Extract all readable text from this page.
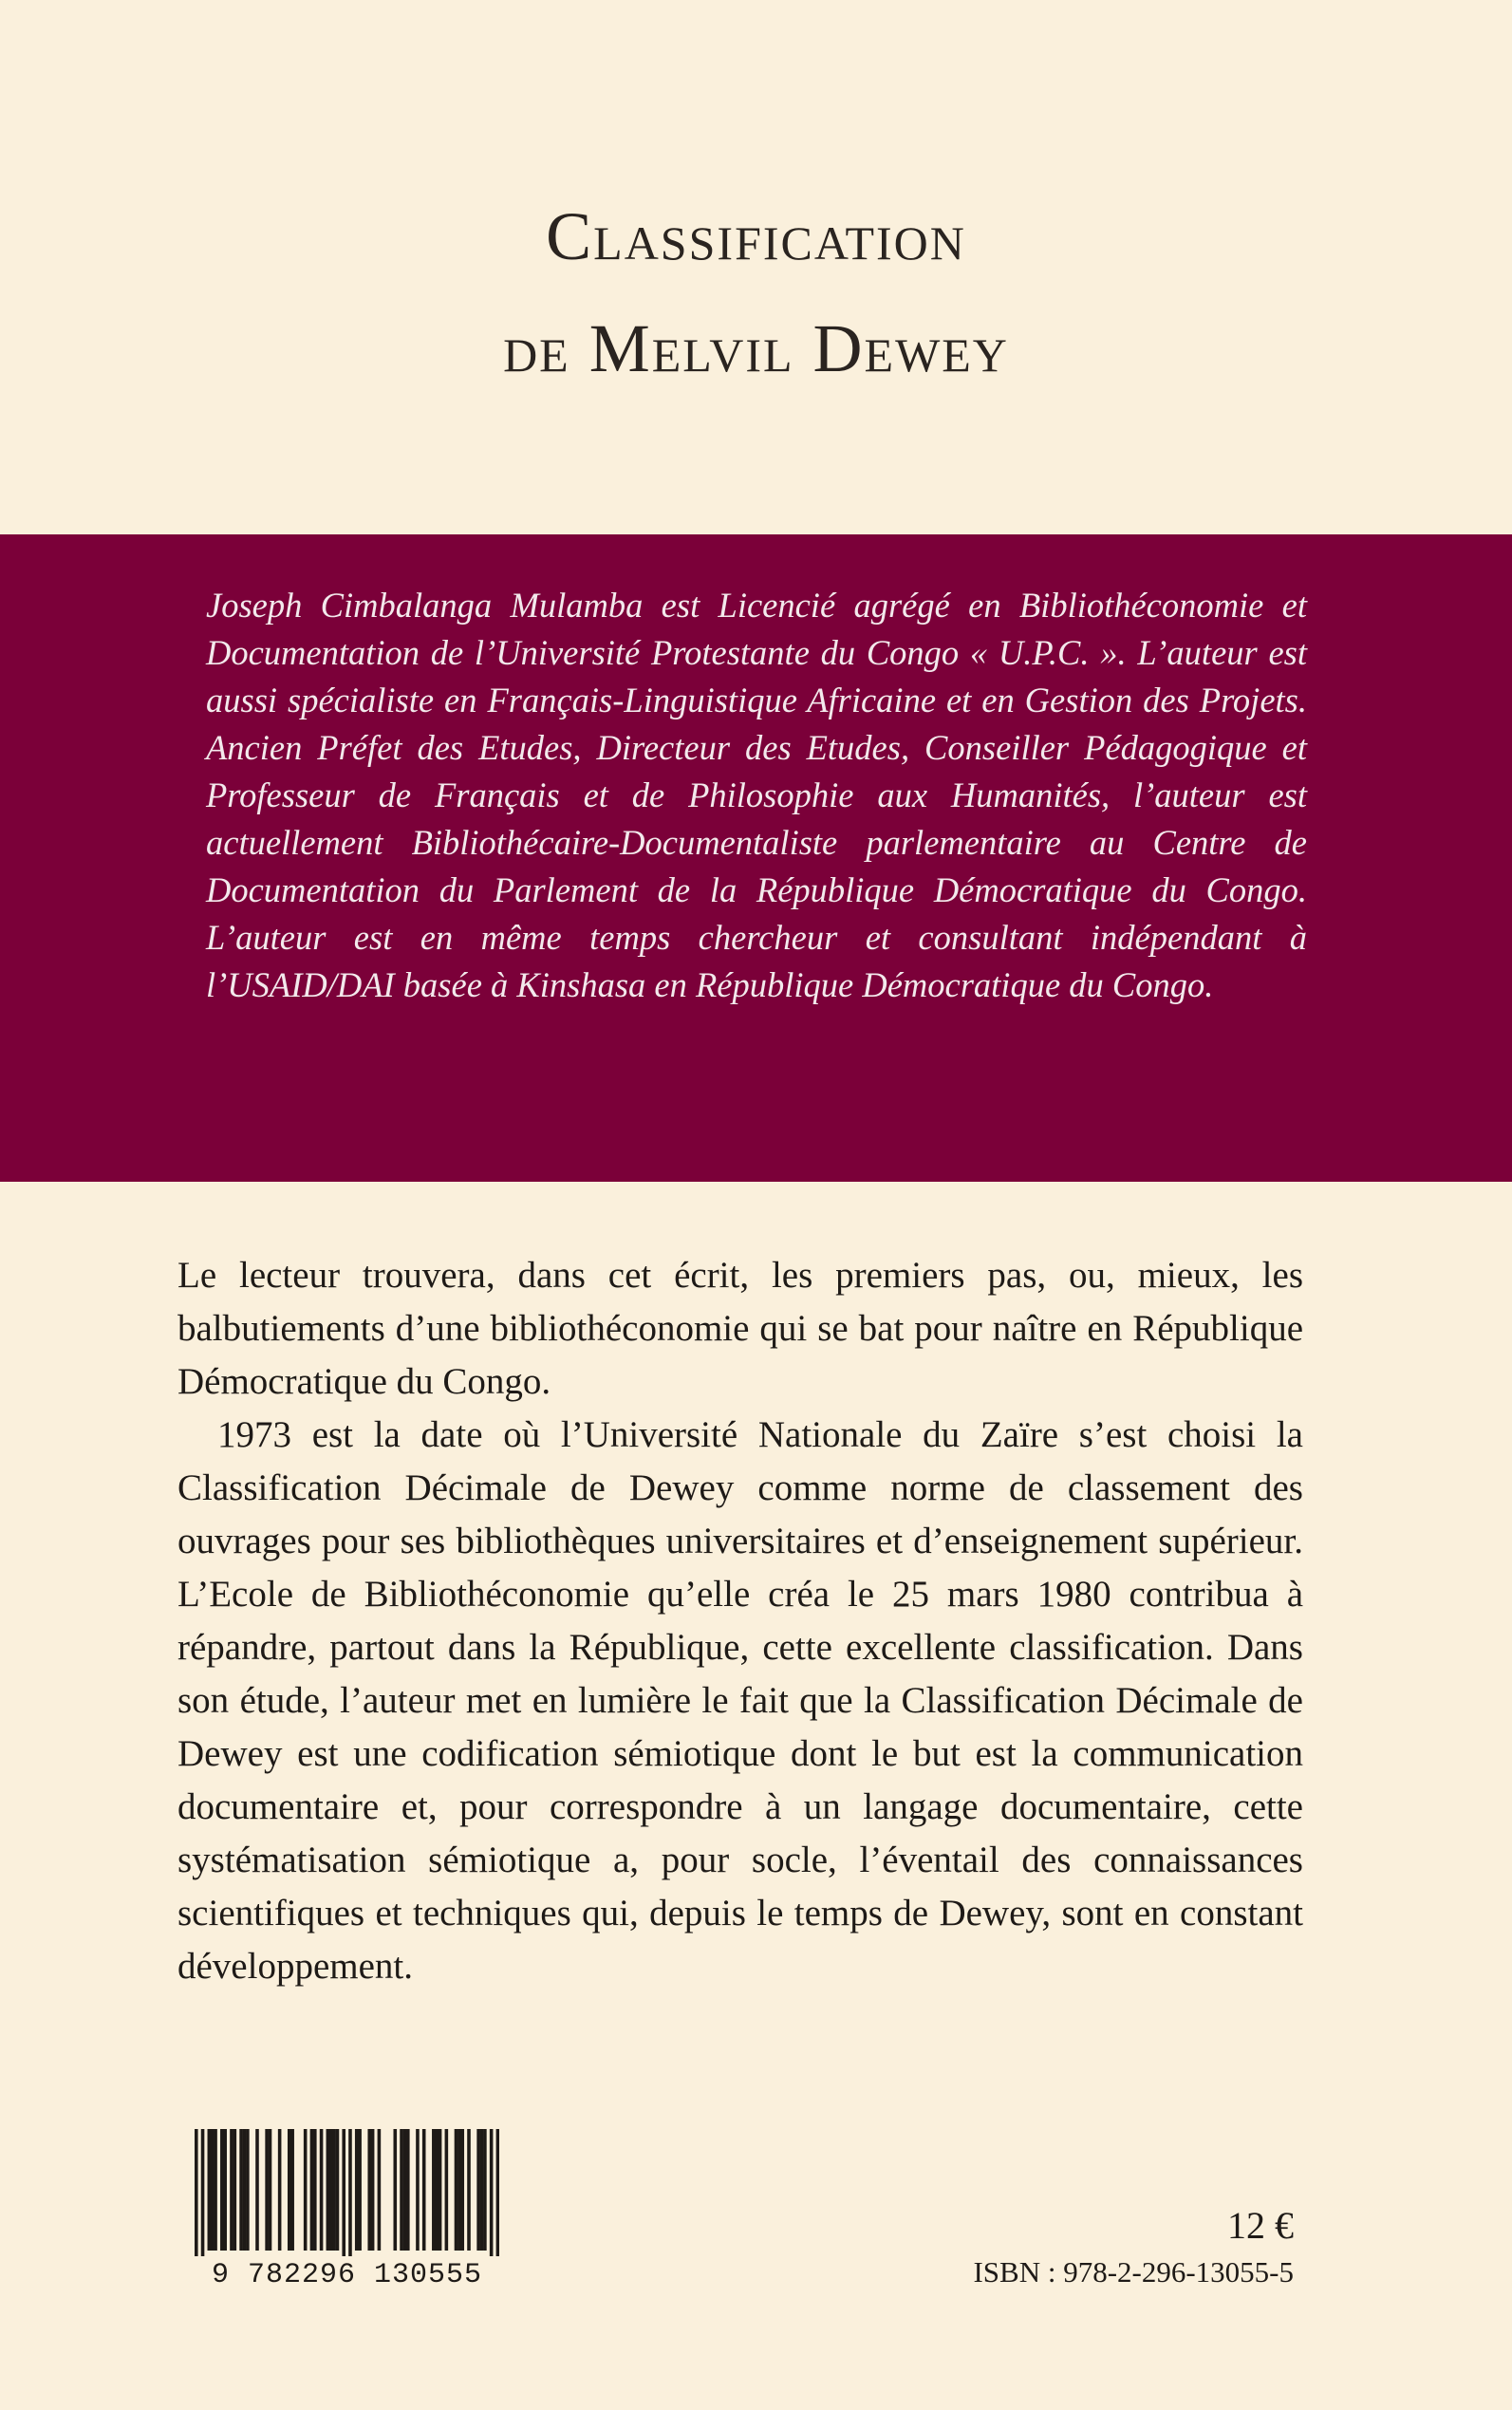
Classification
de Melvil Dewey

Joseph Cimbalanga Mulamba est Licencié agrégé en Bibliothéconomie et Documentation de l’Université Protestante du Congo « U.P.C. ». L’auteur est aussi spécialiste en Français-Linguistique Africaine et en Gestion des Projets. Ancien Préfet des Etudes, Directeur des Etudes, Conseiller Pédagogique et Professeur de Français et de Philosophie aux Humanités, l’auteur est actuellement Bibliothécaire-Documentaliste parlementaire au Centre de Documentation du Parlement de la République Démocratique du Congo. L’auteur est en même temps chercheur et consultant indépendant à l’USAID/DAI basée à Kinshasa en République Démocratique du Congo.

Le lecteur trouvera, dans cet écrit, les premiers pas, ou, mieux, les balbutiements d’une bibliothéconomie qui se bat pour naître en République Démocratique du Congo.

1973 est la date où l’Université Nationale du Zaïre s’est choisi la Classification Décimale de Dewey comme norme de classement des ouvrages pour ses bibliothèques universitaires et d’enseignement supérieur. L’Ecole de Bibliothéconomie qu’elle créa le 25 mars 1980 contribua à répandre, partout dans la République, cette excellente classification. Dans son étude, l’auteur met en lumière le fait que la Classification Décimale de Dewey est une codification sémiotique dont le but est la communication documentaire et, pour correspondre à un langage documentaire, cette systématisation sémiotique a, pour socle, l’éventail des connaissances scientifiques et techniques qui, depuis le temps de Dewey, sont en constant développement.

9 782296 130555
12 €
ISBN : 978-2-296-13055-5
